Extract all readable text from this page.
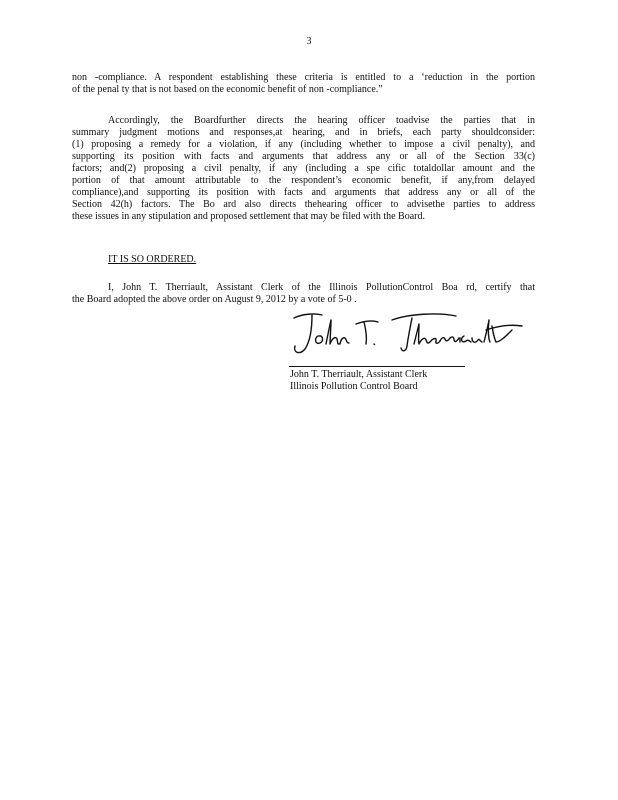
3
non -compliance. A respondent establishing these criteria is entitled to a ‘reduction in the portion
of the penal ty that is not based on the economic benefit of non -compliance.”
Accordingly, the Boardfurther directs the hearing officer toadvise the parties that in
summary judgment motions and responses,at hearing, and in briefs, each party shouldconsider:
(1) proposing a remedy for a violation, if any (including whether to impose a civil penalty), and
supporting its position with facts and arguments that address any or all of the Section 33(c)
factors; and(2) proposing a civil penalty, if any (including a spe cific totaldollar amount and the
portion of that amount attributable to the respondent’s economic benefit, if any,from delayed
compliance),and supporting its position with facts and arguments that address any or all of the
Section 42(h) factors. The Bo ard also directs thehearing officer to advisethe parties to address
these issues in any stipulation and proposed settlement that may be filed with the Board.
IT IS SO ORDERED.
I, John T. Therriault, Assistant Clerk of the Illinois PollutionControl Boa rd, certify that
the Board adopted the above order on August 9, 2012 by a vote of 5-0 .
John T. Therriault, Assistant Clerk
Illinois Pollution Control Board
